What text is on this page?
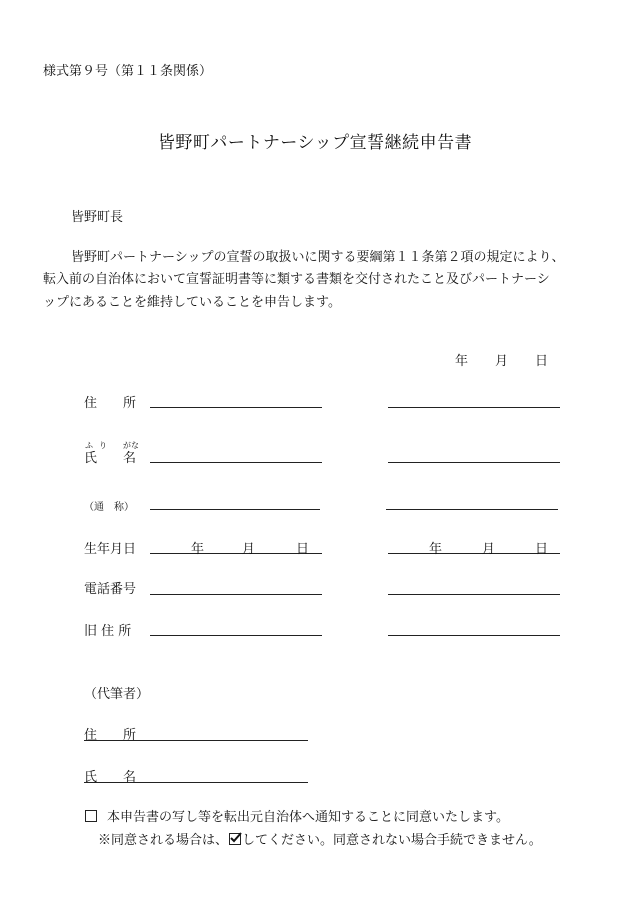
様式第９号（第１１条関係）
皆野町パートナーシップ宣誓継続申告書
皆野町長
皆野町パートナーシップの宣誓の取扱いに関する要綱第１１条第２項の規定により、
転入前の自治体において宣誓証明書等に類する書類を交付されたこと及びパートナーシ
ップにあることを維持していることを申告します。
年 月 日
住 所
ふ り が な
氏 名
（通　称）
生年月日	年	月	日	年	月	日
電話番号
旧 住 所
（代筆者）
住 所
氏 名
本申告書の写し等を転出元自治体へ通知することに同意いたします。
※同意される場合は、 してください。同意されない場合手続できません。
